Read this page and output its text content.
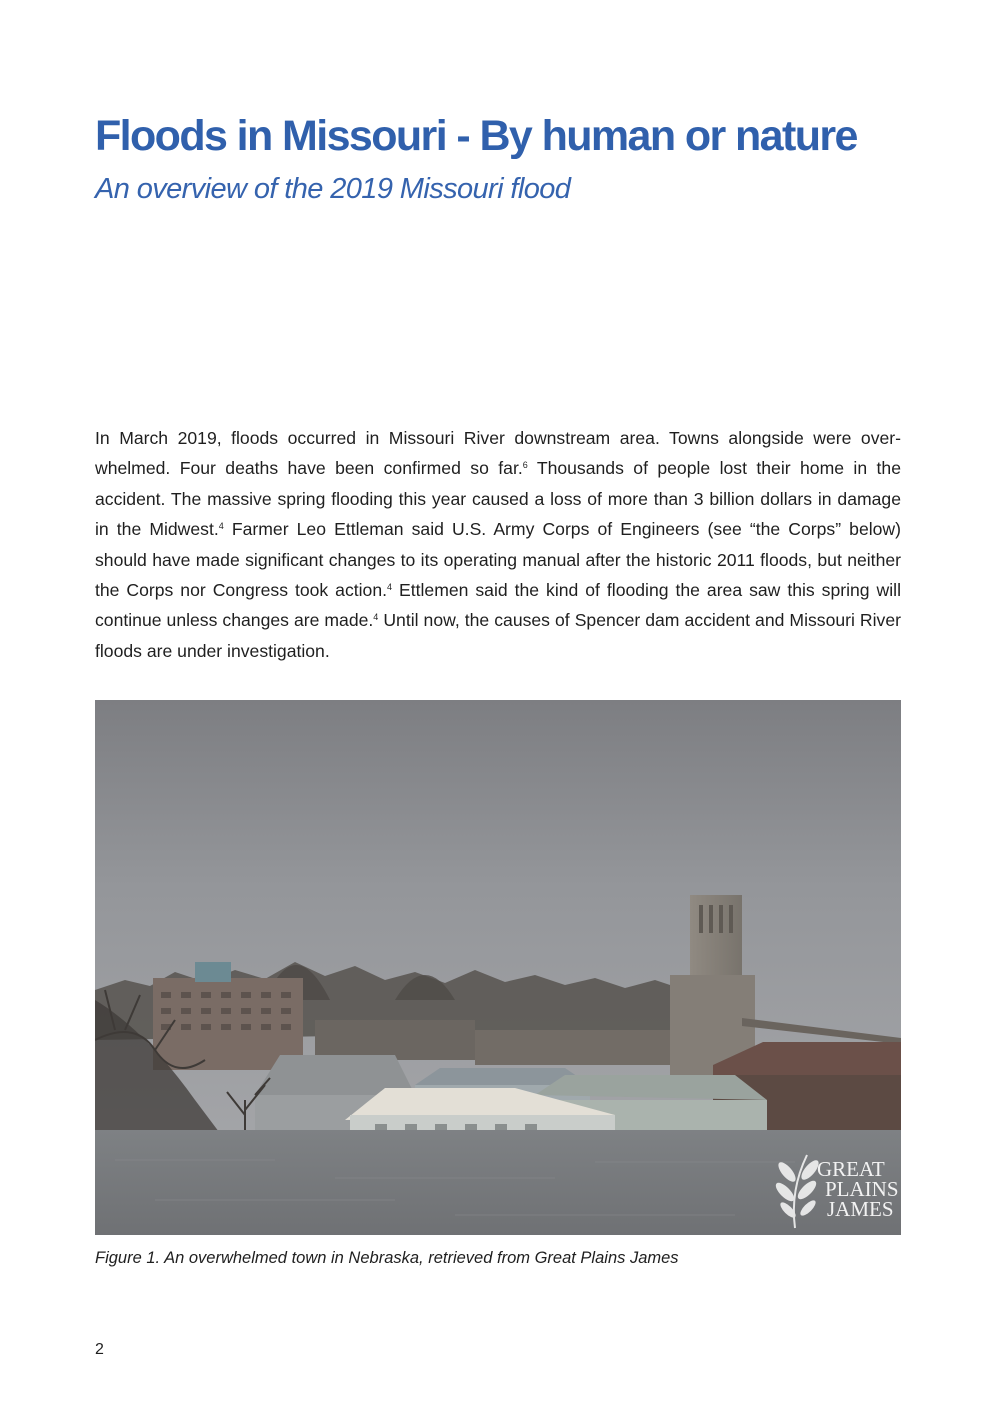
Floods in Missouri - By human or nature
An overview of the 2019 Missouri flood

In March 2019, floods occurred in Missouri River downstream area. Towns alongside were over-whelmed. Four deaths have been confirmed so far.$^6$ Thousands of people lost their home in the accident. The massive spring flooding this year caused a loss of more than 3 billion dollars in damage in the Midwest.$^4$ Farmer Leo Ettleman said U.S. Army Corps of Engineers (see “the Corps” below) should have made significant changes to its operating manual after the historic 2011 floods, but neither the Corps nor Congress took action.$^4$ Ettlemen said the kind of flooding the area saw this spring will continue unless changes are made.$^4$ Until now, the causes of Spencer dam accident and Missouri River floods are under investigation.

GREAT
PLAINS
JAMES

Figure 1. An overwhelmed town in Nebraska, retrieved from Great Plains James

2
